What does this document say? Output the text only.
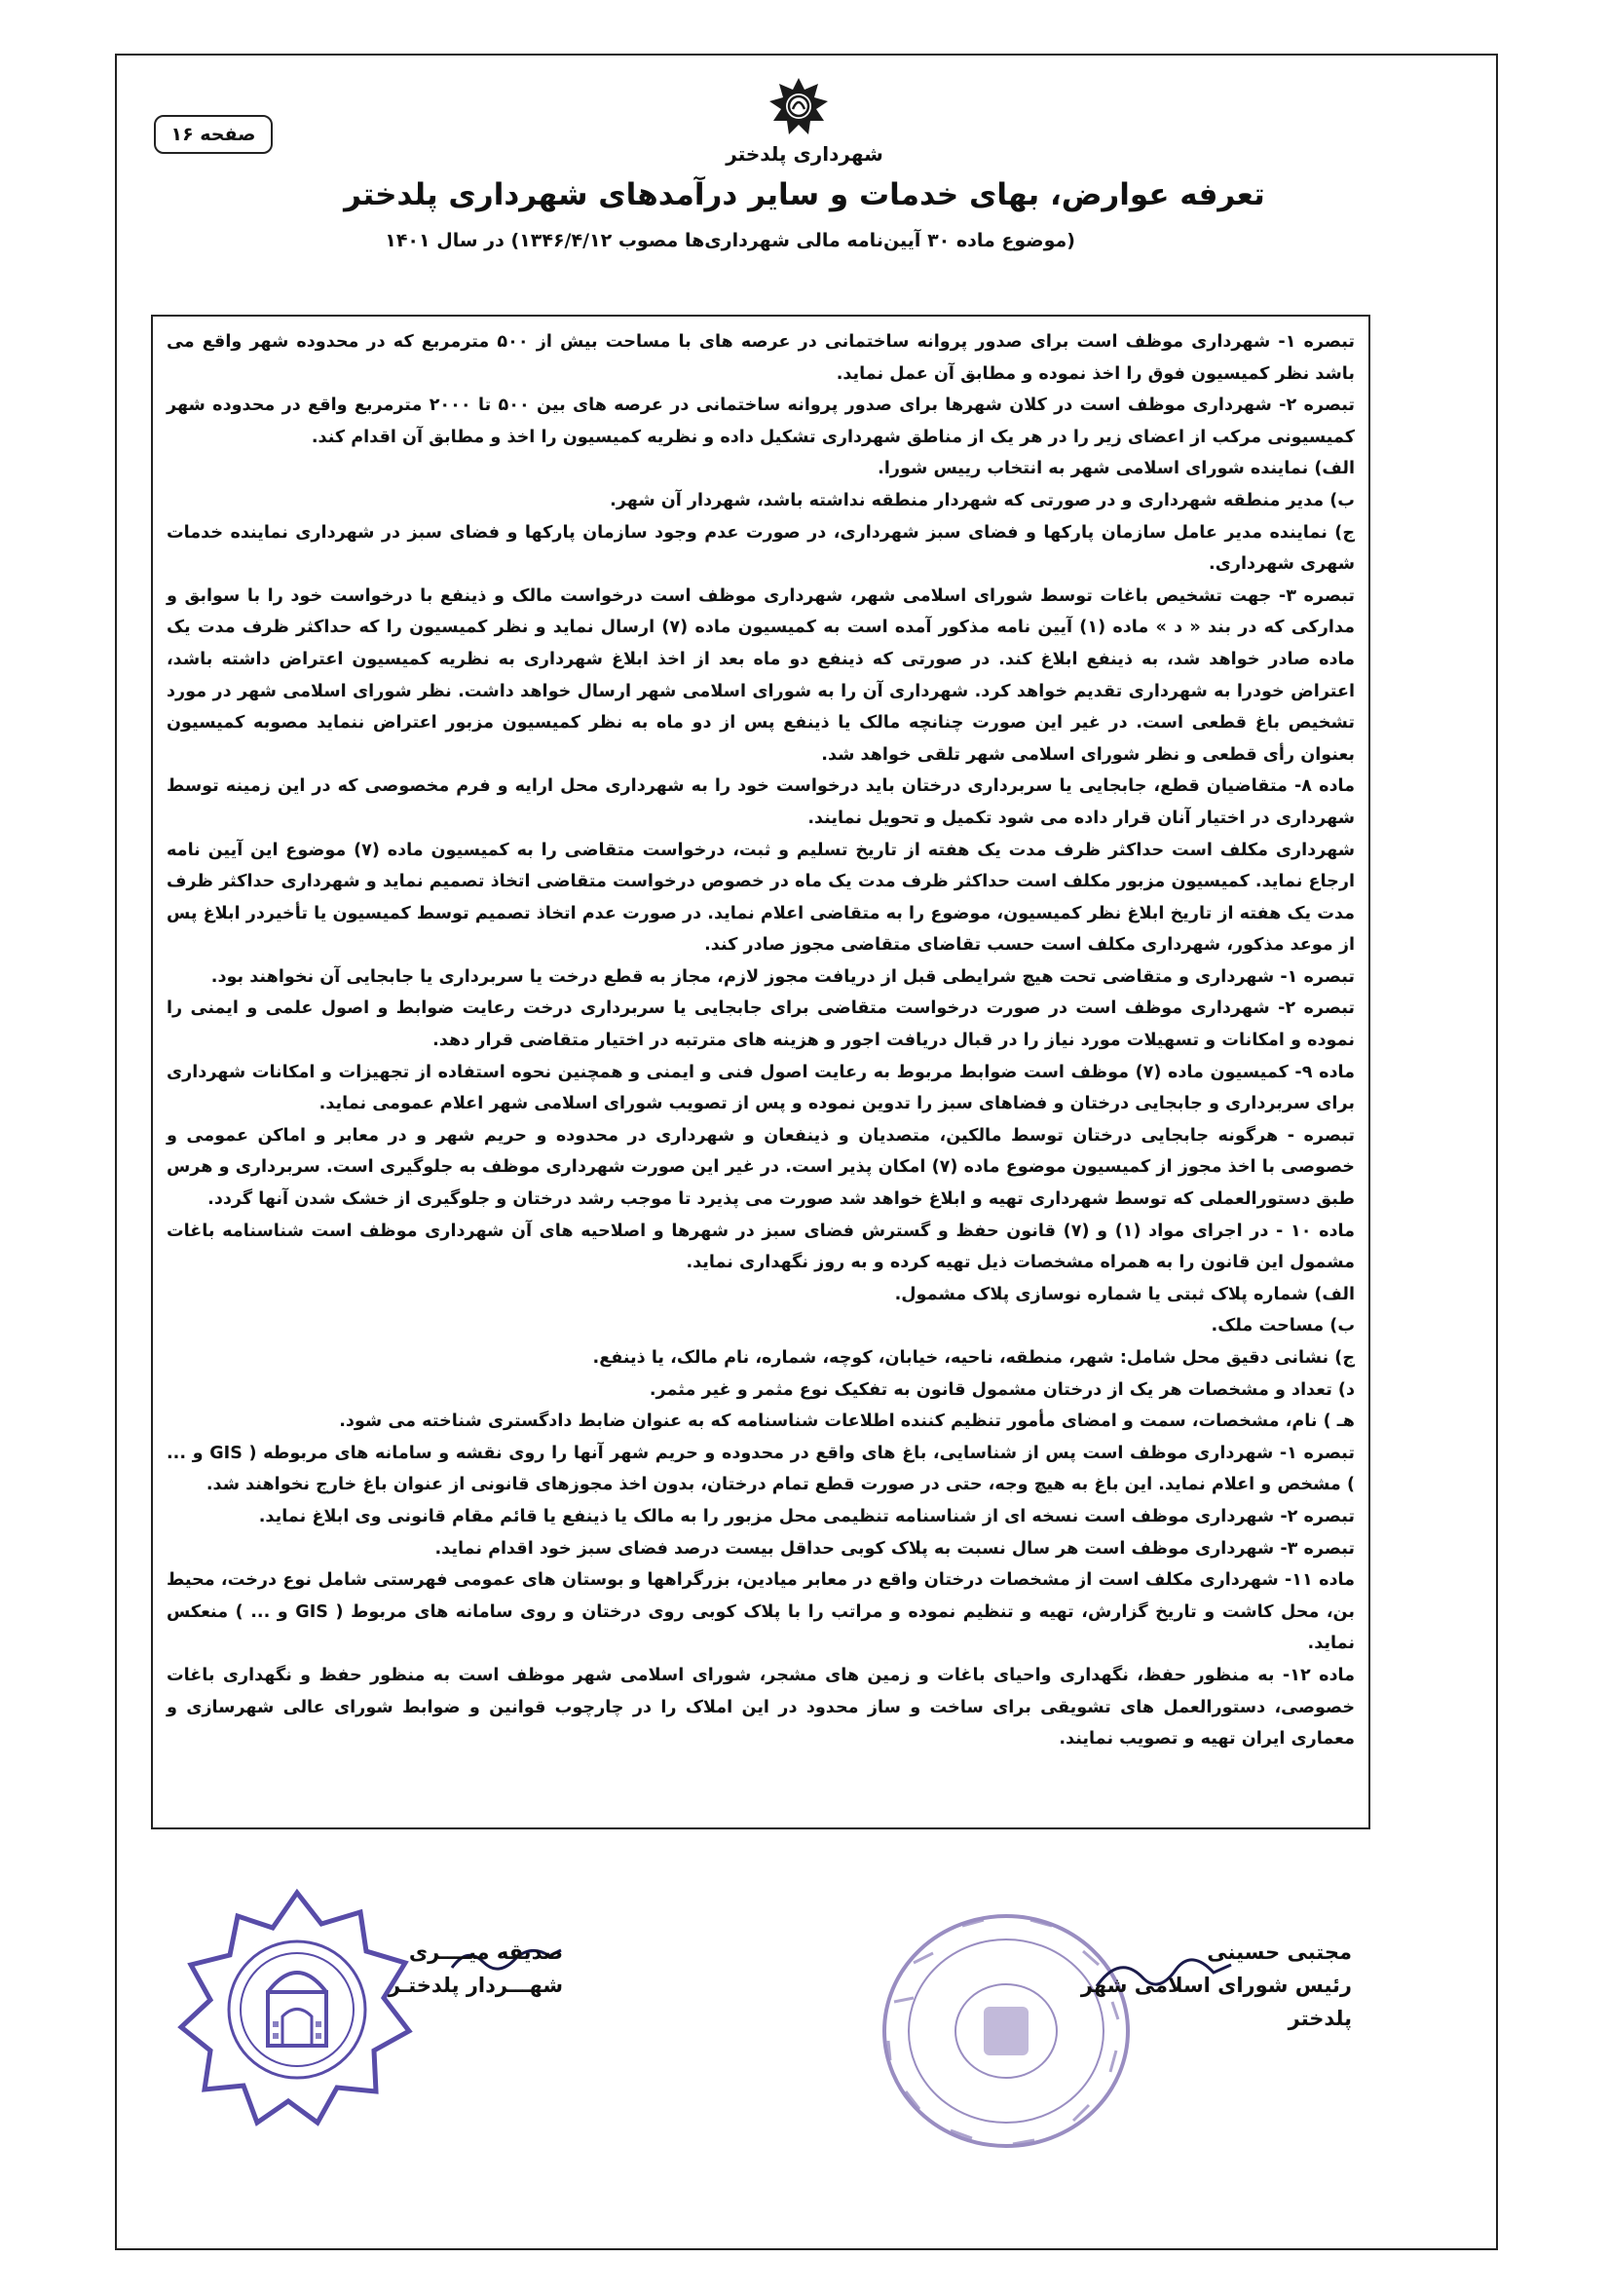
صفحه ۱۶
شهرداری پلدختر
تعرفه عوارض، بهای خدمات و سایر درآمدهای شهرداری پلدختر
(موضوع ماده ۳۰ آیین‌نامه مالی شهرداری‌ها مصوب ۱۳۴۶/۴/۱۲) در سال ۱۴۰۱
تبصره ۱- شهرداری موظف است برای صدور پروانه ساختمانی در عرصه های با مساحت بیش از ۵۰۰ مترمربع که در محدوده شهر واقع می باشد نظر کمیسیون فوق را اخذ نموده و مطابق آن عمل نماید.
تبصره ۲- شهرداری موظف است در کلان شهرها برای صدور پروانه ساختمانی در عرصه های بین ۵۰۰ تا ۲۰۰۰ مترمربع واقع در محدوده شهر کمیسیونی مرکب از اعضای زیر را در هر یک از مناطق شهرداری تشکیل داده و نظریه کمیسیون را اخذ و مطابق آن اقدام کند.
الف) نماینده شورای اسلامی شهر به انتخاب رییس شورا.
ب) مدیر منطقه شهرداری و در صورتی که شهردار منطقه نداشته باشد، شهردار آن شهر.
ج) نماینده مدیر عامل سازمان پارکها و فضای سبز شهرداری، در صورت عدم وجود سازمان پارکها و فضای سبز در شهرداری نماینده خدمات شهری شهرداری.
تبصره ۳- جهت تشخیص باغات توسط شورای اسلامی شهر، شهرداری موظف است درخواست مالک و ذینفع با درخواست خود را با سوابق و مدارکی که در بند « د » ماده (۱) آیین نامه مذکور آمده است به کمیسیون ماده (۷) ارسال نماید و نظر کمیسیون را که حداکثر ظرف مدت یک ماده صادر خواهد شد، به ذینفع ابلاغ کند. در صورتی که ذینفع دو ماه بعد از اخذ ابلاغ شهرداری به نظریه کمیسیون اعتراض داشته باشد، اعتراض خودرا به شهرداری تقدیم خواهد کرد. شهرداری آن را به شورای اسلامی شهر ارسال خواهد داشت. نظر شورای اسلامی شهر در مورد تشخیص باغ قطعی است. در غیر این صورت چنانچه مالک یا ذینفع پس از دو ماه به نظر کمیسیون مزبور اعتراض ننماید مصوبه کمیسیون بعنوان رأی قطعی و نظر شورای اسلامی شهر تلقی خواهد شد.
ماده ۸- متقاضیان قطع، جابجایی یا سربرداری درختان باید درخواست خود را به شهرداری محل ارایه و فرم مخصوصی که در این زمینه توسط شهرداری در اختیار آنان قرار داده می شود تکمیل و تحویل نمایند.
شهرداری مکلف است حداکثر ظرف مدت یک هفته از تاریخ تسلیم و ثبت، درخواست متقاضی را به کمیسیون ماده (۷) موضوع این آیین نامه ارجاع نماید. کمیسیون مزبور مکلف است حداکثر ظرف مدت یک ماه در خصوص درخواست متقاضی اتخاذ تصمیم نماید و شهرداری حداکثر ظرف مدت یک هفته از تاریخ ابلاغ نظر کمیسیون، موضوع را به متقاضی اعلام نماید. در صورت عدم اتخاذ تصمیم توسط کمیسیون یا تأخیردر ابلاغ پس از موعد مذکور، شهرداری مکلف است حسب تقاضای متقاضی مجوز صادر کند.
تبصره ۱- شهرداری و متقاضی تحت هیچ شرایطی قبل از دریافت مجوز لازم، مجاز به قطع درخت یا سربرداری یا جابجایی آن نخواهند بود.
تبصره ۲- شهرداری موظف است در صورت درخواست متقاضی برای جابجایی یا سربرداری درخت رعایت ضوابط و اصول علمی و ایمنی را نموده و امکانات و تسهیلات مورد نیاز را در قبال دریافت اجور و هزینه های مترتبه در اختیار متقاضی قرار دهد.
ماده ۹- کمیسیون ماده (۷) موظف است ضوابط مربوط به رعایت اصول فنی و ایمنی و همچنین نحوه استفاده از تجهیزات و امکانات شهرداری برای سربرداری و جابجایی درختان و فضاهای سبز را تدوین نموده و پس از تصویب شورای اسلامی شهر اعلام عمومی نماید.
تبصره - هرگونه جابجایی درختان توسط مالکین، متصدیان و ذینفعان و شهرداری در محدوده و حریم شهر و در معابر و اماکن عمومی و خصوصی با اخذ مجوز از کمیسیون موضوع ماده (۷) امکان پذیر است. در غیر این صورت شهرداری موظف به جلوگیری است. سربرداری و هرس طبق دستورالعملی که توسط شهرداری تهیه و ابلاغ خواهد شد صورت می پذیرد تا موجب رشد درختان و جلوگیری از خشک شدن آنها گردد.
ماده ۱۰ - در اجرای مواد (۱) و (۷) قانون حفظ و گسترش فضای سبز در شهرها و اصلاحیه های آن شهرداری موظف است شناسنامه باغات مشمول این قانون را به همراه مشخصات ذیل تهیه کرده و به روز نگهداری نماید.
الف) شماره پلاک ثبتی یا شماره نوسازی پلاک مشمول.
ب) مساحت ملک.
ج) نشانی دقیق محل شامل: شهر، منطقه، ناحیه، خیابان، کوچه، شماره، نام مالک، یا ذینفع.
د) تعداد و مشخصات هر یک از درختان مشمول قانون به تفکیک نوع مثمر و غیر مثمر.
هـ ) نام، مشخصات، سمت و امضای مأمور تنظیم کننده اطلاعات شناسنامه که به عنوان ضابط دادگستری شناخته می شود.
تبصره ۱- شهرداری موظف است پس از شناسایی، باغ های واقع در محدوده و حریم شهر آنها را روی نقشه و سامانه های مربوطه ( GIS و ... ) مشخص و اعلام نماید. این باغ به هیچ وجه، حتی در صورت قطع تمام درختان، بدون اخذ مجوزهای قانونی از عنوان باغ خارج نخواهند شد.
تبصره ۲- شهرداری موظف است نسخه ای از شناسنامه تنظیمی محل مزبور را به مالک یا ذینفع یا قائم مقام قانونی وی ابلاغ نماید.
تبصره ۳- شهرداری موظف است هر سال نسبت به پلاک کوبی حداقل بیست درصد فضای سبز خود اقدام نماید.
ماده ۱۱- شهرداری مکلف است از مشخصات درختان واقع در معابر میادین، بزرگراهها و بوستان های عمومی فهرستی شامل نوع درخت، محیط بن، محل کاشت و تاریخ گزارش، تهیه و تنظیم نموده و مراتب را با پلاک کوبی روی درختان و روی سامانه های مربوط ( GIS و ... ) منعکس نماید.
ماده ۱۲- به منظور حفظ، نگهداری واحیای باغات و زمین های مشجر، شورای اسلامی شهر موظف است به منظور حفظ و نگهداری باغات خصوصی، دستورالعمل های تشویقی برای ساخت و ساز محدود در این املاک را در چارچوب قوانین و ضوابط شورای عالی شهرسازی و معماری ایران تهیه و تصویب نمایند.
صدیقه میــــری
شهـــردار پلدختـر
مجتبی حسینی
رئیس شورای اسلامی شهر پلدختر
